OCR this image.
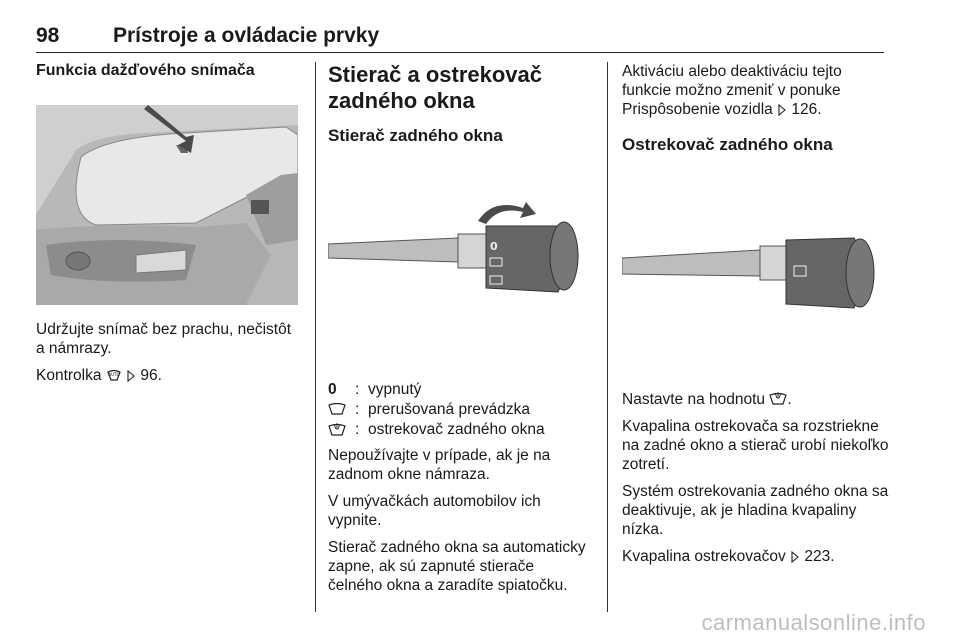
98	Prístroje a ovládacie prvky
Funkcia dažďového snímača

Udržujte snímač bez prachu, nečistôt a námrazy.

Kontrolka AUTO 96.

Stierač a ostrekovač
zadného okna
Stierač zadného okna
0
0 : vypnutý
: prerušovaná prevádzka
: ostrekovač zadného okna

Nepoužívajte v prípade, ak je na zadnom okne námraza.

V umývačkách automobilov ich vypnite.

Stierač zadného okna sa automaticky zapne, ak sú zapnuté stierače čelného okna a zaradíte spiatočku.

Aktiváciu alebo deaktiváciu tejto funkcie možno zmeniť v ponuke Prispôsobenie vozidla 126.

Ostrekovač zadného okna

Nastavte na hodnotu .

Kvapalina ostrekovača sa rozstriekne na zadné okno a stierač urobí niekoľko zotretí.

Systém ostrekovania zadného okna sa deaktivuje, ak je hladina kvapaliny nízka.

Kvapalina ostrekovačov 223.

carmanualsonline.info
